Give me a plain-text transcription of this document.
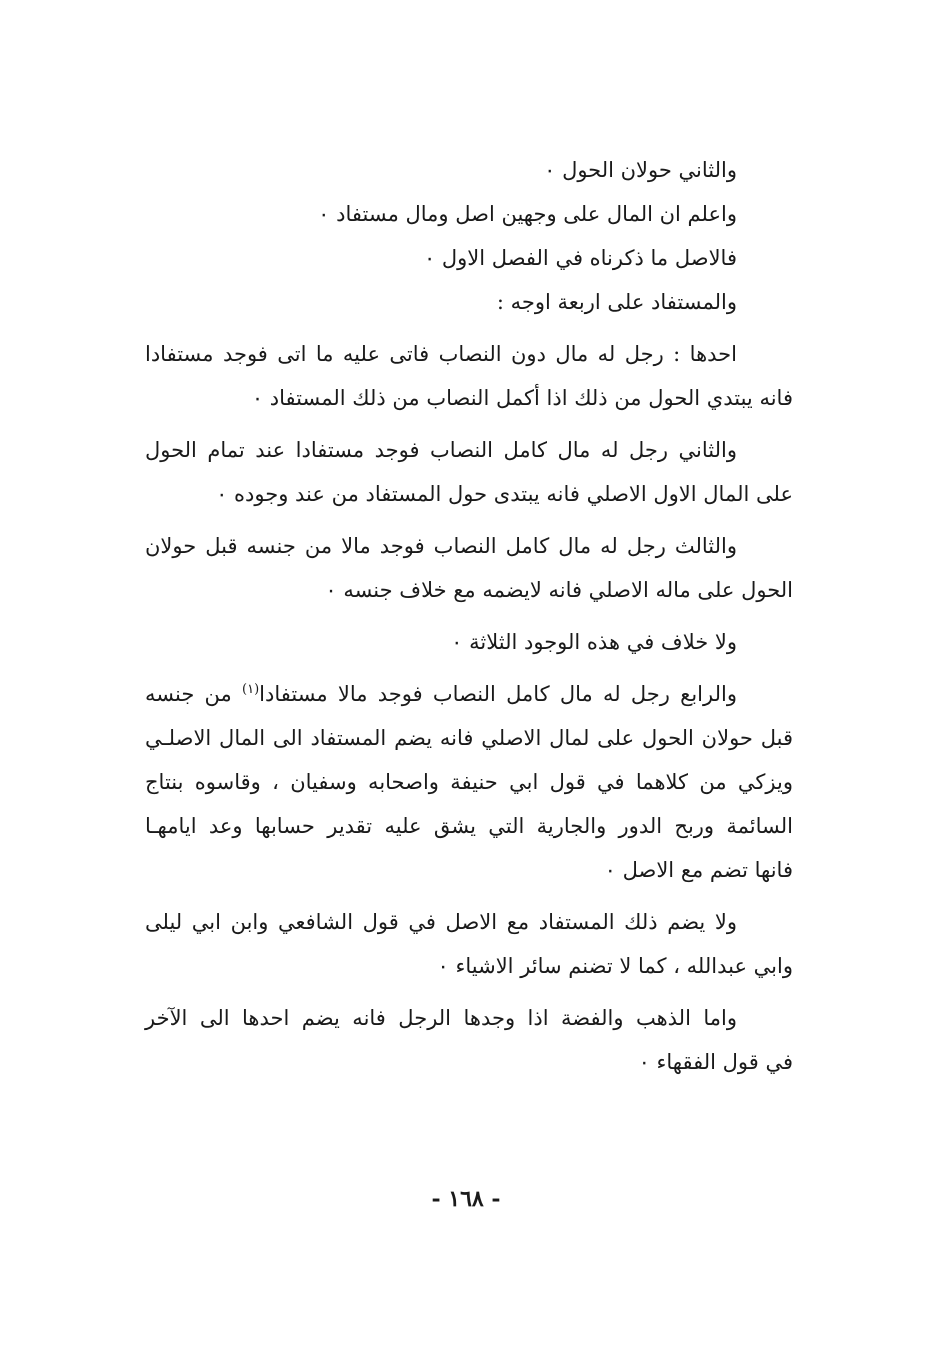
والثاني حولان الحول ٠
واعلم ان المال على وجهين اصل ومال مستفاد ٠
فالاصل ما ذكرناه في الفصل الاول ٠
والمستفاد على اربعة اوجه :
احدها : رجل له مال دون النصاب فاتى عليه ما اتى فوجد مستفادا
فانه يبتدي الحول من ذلك اذا أكمل النصاب من ذلك المستفاد ٠
والثاني رجل له مال كامل النصاب فوجد مستفادا عند تمام الحول
على المال الاول الاصلي فانه يبتدى حول المستفاد من عند وجوده ٠
والثالث رجل له مال كامل النصاب فوجد مالا من جنسه قبل حولان
الحول على ماله الاصلي فانه لايضمه مع خلاف جنسه ٠
ولا خلاف في هذه الوجود الثلاثة ٠
والرابع رجل له مال كامل النصاب فوجد مالا مستفادا$^{(١)}$ من جنسه
قبل حولان الحول على لمال الاصلي فانه يضم المستفاد الى المال الاصلـي
ويزكي من كلاهما في قول ابي حنيفة واصحابه وسفيان ، وقاسوه بنتاج
السائمة وربح الدور والجارية التي يشق عليه تقدير حسابها وعد ايامهـا
فانها تضم مع الاصل ٠
ولا يضم ذلك المستفاد مع الاصل في قول الشافعي وابن ابي ليلى
وابي عبدالله ، كما لا تضنم سائر الاشياء ٠
واما الذهب والفضة اذا وجدها الرجل فانه يضم احدها الى الآخر
في قول الفقهاء ٠
- ١٦٨ -
